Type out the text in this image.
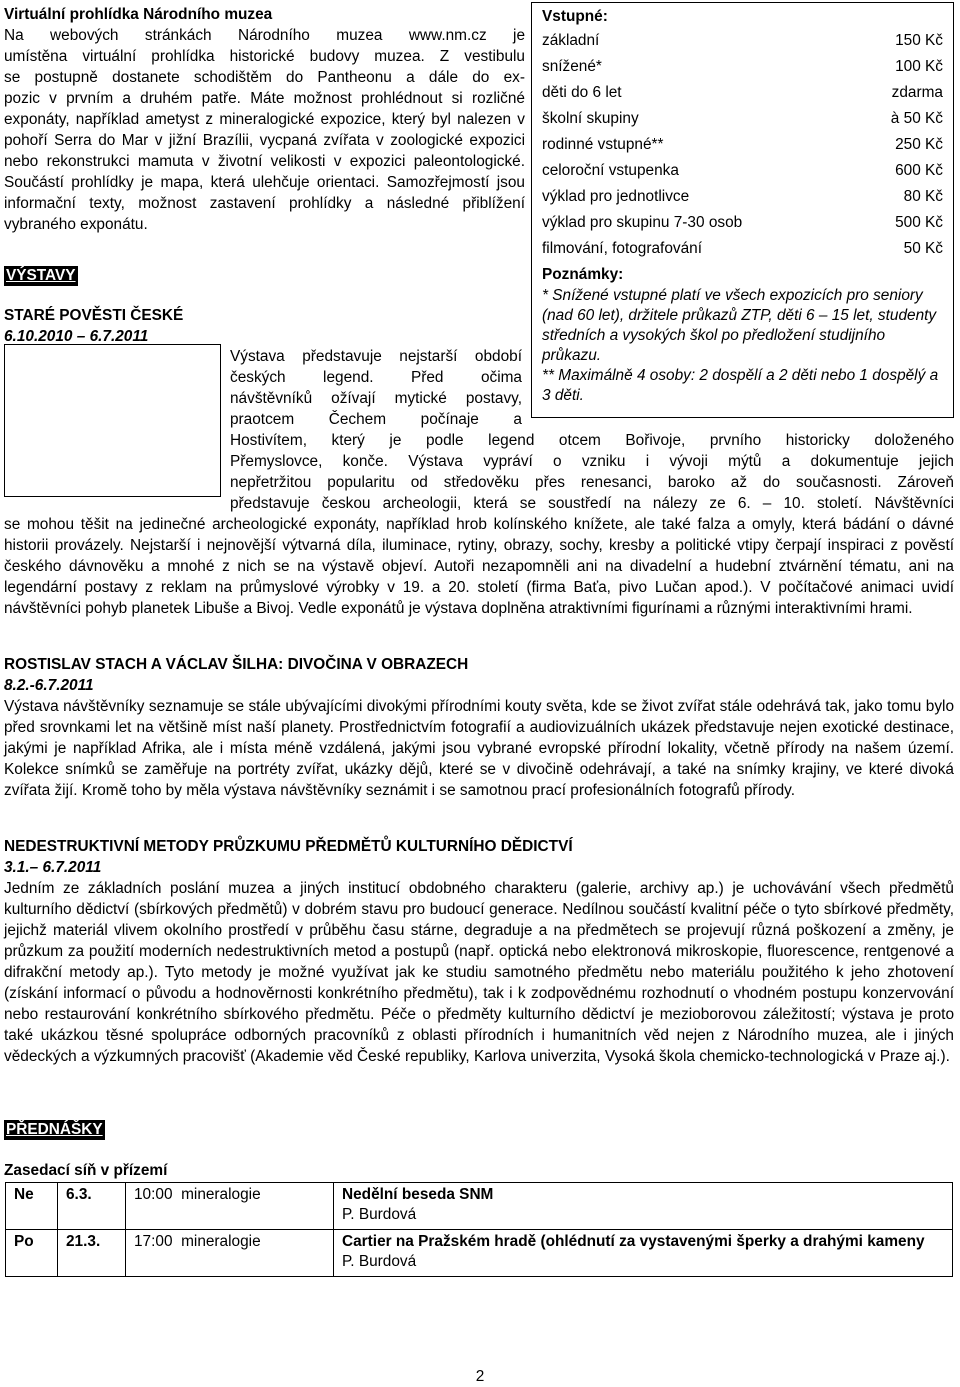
Virtuální prohlídka Národního muzea
Na webových stránkách Národního muzea www.nm.cz je
umístěna virtuální prohlídka historické budovy muzea. Z vestibulu
se postupně dostanete schodištěm do Pantheonu a dále do ex-
pozic v prvním a druhém patře. Máte možnost prohlédnout si rozličné exponáty, například ametyst z mineralogické expozice, který byl nalezen v pohoří Serra do Mar v jižní Brazílii, vycpaná zvířata v zoologické expozici nebo rekonstrukci mamuta v životní velikosti v expozici paleontologické. Součástí prohlídky je mapa, která ulehčuje orientaci. Samozřejmostí jsou informační texty, možnost zastavení prohlídky a následné přiblížení vybraného exponátu.
Vstupné:
základní	150 Kč
snížené*	100 Kč
děti do 6 let	zdarma
školní skupiny	à 50 Kč
rodinné vstupné**	250 Kč
celoroční vstupenka	600 Kč
výklad pro jednotlivce	80 Kč
výklad pro skupinu 7-30 osob	500 Kč
filmování, fotografování	50 Kč
Poznámky:
* Snížené vstupné platí ve všech expozicích pro seniory (nad 60 let), držitele průkazů ZTP, děti 6 – 15 let, studenty středních a vysokých škol po předložení studijního průkazu.
** Maximálně 4 osoby: 2 dospělí a 2 děti nebo 1 dospělý a 3 děti.
VÝSTAVY
STARÉ POVĚSTI ČESKÉ
6.10.2010 – 6.7.2011
Výstava představuje nejstarší období
českých legend. Před očima
návštěvníků ožívají mytické postavy,
praotcem Čechem počínaje a
Hostivítem, který je podle legend otcem Bořivoje, prvního historicky doloženého
Přemyslovce, konče. Výstava vypráví o vzniku i vývoji mýtů a dokumentuje jejich
nepřetržitou popularitu od středověku přes renesanci, baroko až do současnosti. Zároveň
představuje českou archeologii, která se soustředí na nálezy ze 6. – 10. století. Návštěvníci
se mohou těšit na jedinečné archeologické exponáty, například hrob kolínského knížete, ale také falza a omyly, která bádání o dávné historii provázely. Nejstarší i nejnovější výtvarná díla, iluminace, rytiny, obrazy, sochy, kresby a politické vtipy čerpají inspiraci z pověstí českého dávnověku a mnohé z nich se na výstavě objeví. Autoři nezapomněli ani na divadelní a hudební ztvárnění tématu, ani na legendární postavy z reklam na průmyslové výrobky v 19. a 20. století (firma Baťa, pivo Lučan apod.). V počítačové animaci uvidí návštěvníci pohyb planetek Libuše a Bivoj. Vedle exponátů je výstava doplněna atraktivními figurínami a různými interaktivními hrami.
ROSTISLAV STACH A VÁCLAV ŠILHA: DIVOČINA V OBRAZECH
8.2.-6.7.2011
Výstava návštěvníky seznamuje se stále ubývajícími divokými přírodními kouty světa, kde se život zvířat stále odehrává tak, jako tomu bylo před srovnkami let na většině míst naší planety. Prostřednictvím fotografií a audiovizuálních ukázek představuje nejen exotické destinace, jakými je například Afrika, ale i místa méně vzdálená, jakými jsou vybrané evropské přírodní lokality, včetně přírody na našem území. Kolekce snímků se zaměřuje na portréty zvířat, ukázky dějů, které se v divočině odehrávají, a také na snímky krajiny, ve které divoká zvířata žijí. Kromě toho by měla výstava návštěvníky seznámit i se samotnou prací profesionálních fotografů přírody.
NEDESTRUKTIVNÍ METODY PRŮZKUMU PŘEDMĚTŮ KULTURNÍHO DĚDICTVÍ
3.1.– 6.7.2011
Jedním ze základních poslání muzea a jiných institucí obdobného charakteru (galerie, archivy ap.) je uchovávání všech předmětů kulturního dědictví (sbírkových předmětů) v dobrém stavu pro budoucí generace. Nedílnou součástí kvalitní péče o tyto sbírkové předměty, jejichž materiál vlivem okolního prostředí v průběhu času stárne, degraduje a na předmětech se projevují různá poškození a změny, je průzkum za použití moderních nedestruktivních metod a postupů (např. optická nebo elektronová mikroskopie, fluorescence, rentgenové a difrakční metody ap.). Tyto metody je možné využívat jak ke studiu samotného předmětu nebo materiálu použitého k jeho zhotovení (získání informací o původu a hodnověrnosti konkrétního předmětu), tak i k zodpovědnému rozhodnutí o vhodném postupu konzervování nebo restaurování konkrétního sbírkového předmětu. Péče o předměty kulturního dědictví je mezioborovou záležitostí; výstava je proto také ukázkou těsné spolupráce odborných pracovníků z oblasti přírodních i humanitních věd nejen z Národního muzea, ale i jiných vědeckých a výzkumných pracovišť (Akademie věd České republiky, Karlova univerzita, Vysoká škola chemicko-technologická v Praze aj.).
PŘEDNÁŠKY
Zasedací síň v přízemí
Ne	6.3.	10:00 mineralogie	Nedělní beseda SNM
P. Burdová

Po	21.3.	17:00 mineralogie	Cartier na Pražském hradě (ohlédnutí za vystavenými šperky a drahými kameny
P. Burdová
2
